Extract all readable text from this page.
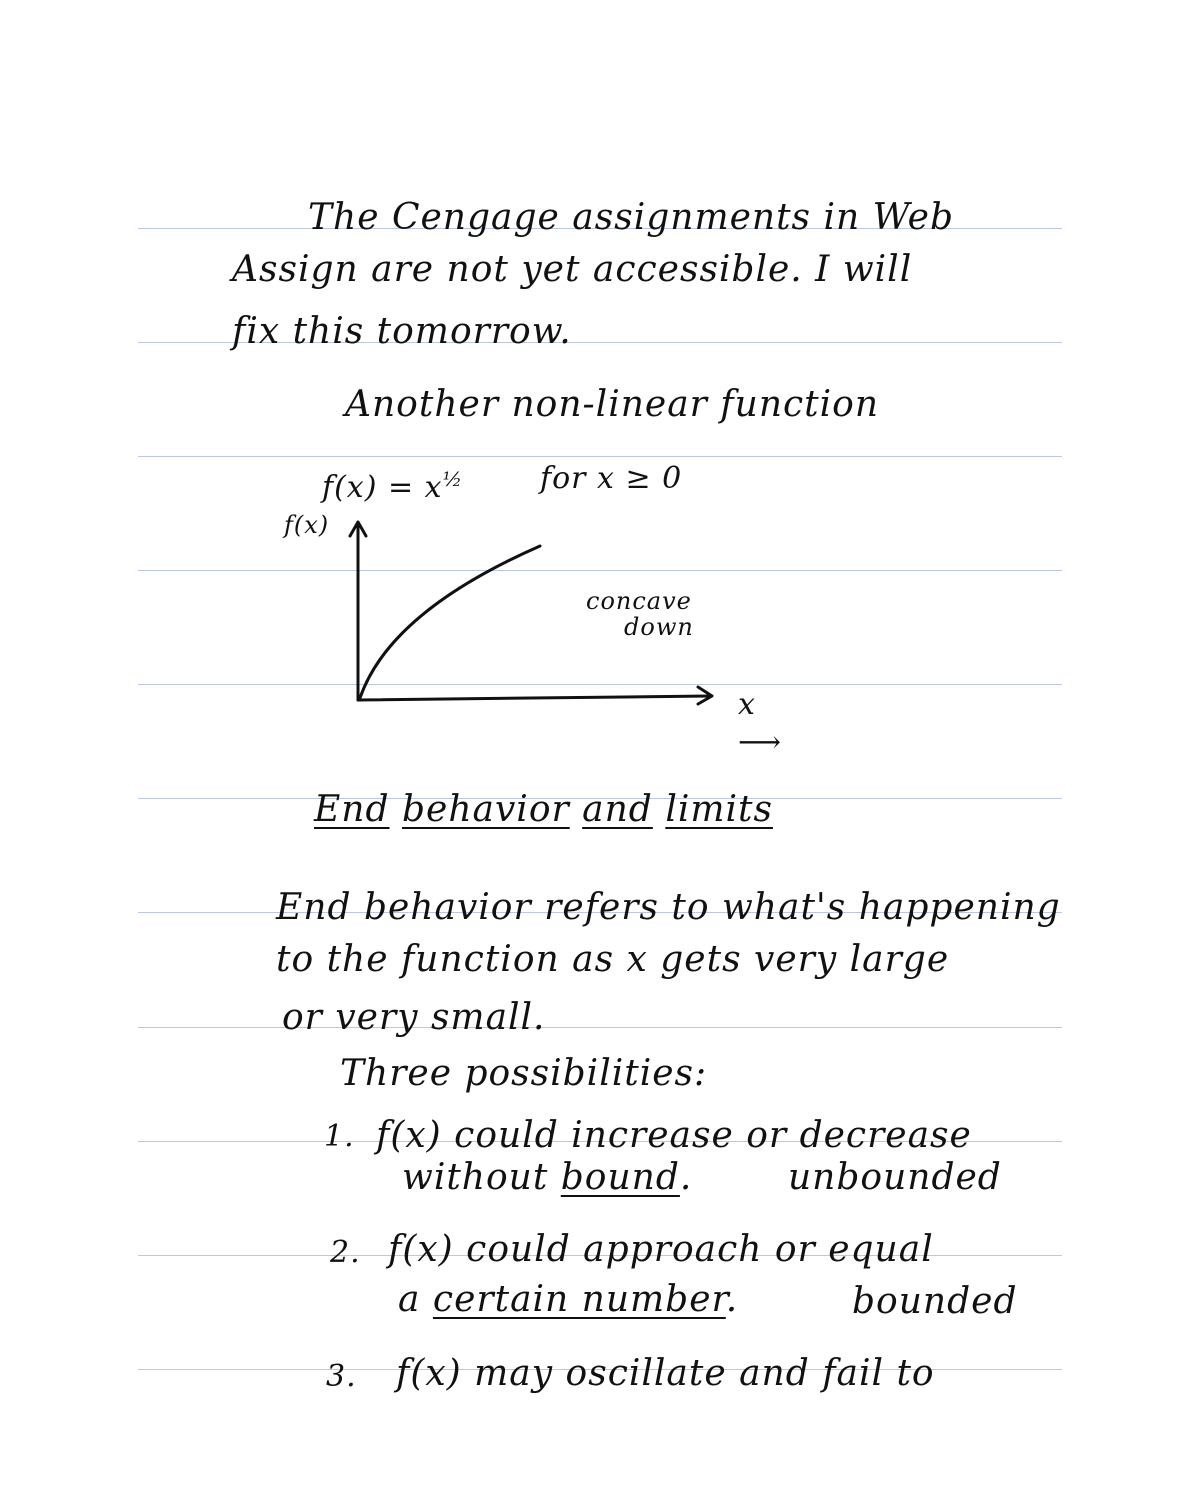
The Cengage assignments in Web
Assign are not yet accessible. I will
fix this tomorrow.
Another non-linear function
$f(x) = x^{\frac{1}{2}}$	for x ≥ 0
f(x)
concave
down
x
⟶
End behavior and limits
End behavior refers to what's happening
to the function as x gets very large
or very small.
Three possibilities:
1. f(x) could increase or decrease
without bound.	unbounded
2. f(x) could approach or equal
a certain number.	bounded
3. f(x) may oscillate and fail to
